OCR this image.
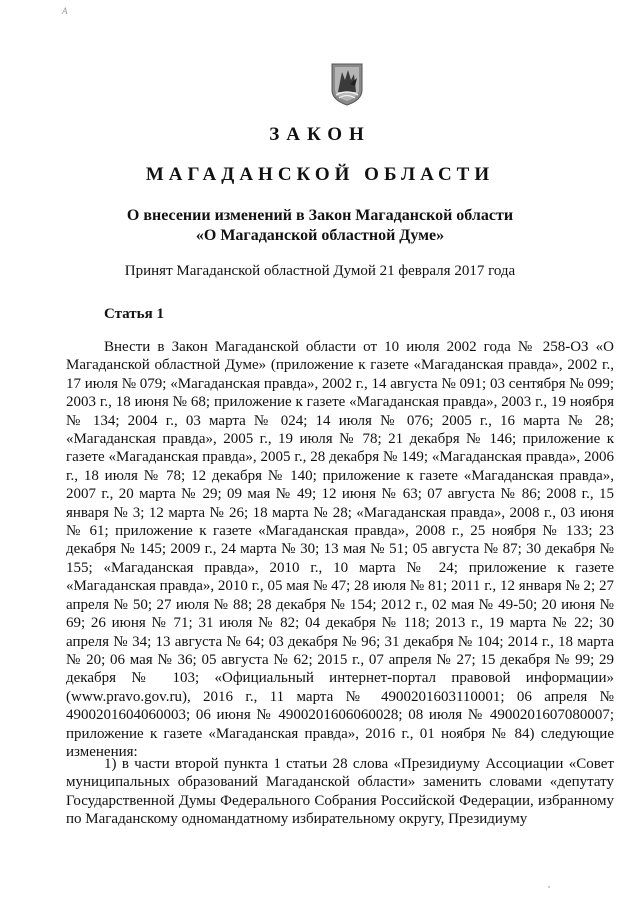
A
ЗАКОН
МАГАДАНСКОЙ ОБЛАСТИ
О внесении изменений в Закон Магаданской области
«О Магаданской областной Думе»
Принят Магаданской областной Думой 21 февраля 2017 года
Статья 1
Внести в Закон Магаданской области от 10 июля 2002 года № 258-ОЗ «О Магаданской областной Думе» (приложение к газете «Магаданская правда», 2002 г., 17 июля № 079; «Магаданская правда», 2002 г., 14 августа № 091; 03 сентября № 099; 2003 г., 18 июня № 68; приложение к газете «Магаданская правда», 2003 г., 19 ноября № 134; 2004 г., 03 марта № 024; 14 июля № 076; 2005 г., 16 марта № 28; «Магаданская правда», 2005 г., 19 июля № 78; 21 декабря № 146; приложение к газете «Магаданская правда», 2005 г., 28 декабря № 149; «Магаданская правда», 2006 г., 18 июля № 78; 12 декабря № 140; приложение к газете «Магаданская правда», 2007 г., 20 марта № 29; 09 мая № 49; 12 июня № 63; 07 августа № 86; 2008 г., 15 января № 3; 12 марта № 26; 18 марта № 28; «Магаданская правда», 2008 г., 03 июня № 61; приложение к газете «Магаданская правда», 2008 г., 25 ноября № 133; 23 декабря № 145; 2009 г., 24 марта № 30; 13 мая № 51; 05 августа № 87; 30 декабря № 155; «Магаданская правда», 2010 г., 10 марта № 24; приложение к газете «Магаданская правда», 2010 г., 05 мая № 47; 28 июля № 81; 2011 г., 12 января № 2; 27 апреля № 50; 27 июля № 88; 28 декабря № 154; 2012 г., 02 мая № 49-50; 20 июня № 69; 26 июня № 71; 31 июля № 82; 04 декабря № 118; 2013 г., 19 марта № 22; 30 апреля № 34; 13 августа № 64; 03 декабря № 96; 31 декабря № 104; 2014 г., 18 марта № 20; 06 мая № 36; 05 августа № 62; 2015 г., 07 апреля № 27; 15 декабря № 99; 29 декабря № 103; «Официальный интернет-портал правовой информации» (www.pravo.gov.ru), 2016 г., 11 марта № 4900201603110001; 06 апреля № 4900201604060003; 06 июня № 4900201606060028; 08 июля № 4900201607080007; приложение к газете «Магаданская правда», 2016 г., 01 ноября № 84) следующие изменения:
1) в части второй пункта 1 статьи 28 слова «Президиуму Ассоциации «Совет муниципальных образований Магаданской области» заменить словами «депутату Государственной Думы Федерального Собрания Российской Федерации, избранному по Магаданскому одномандатному избирательному округу, Президиуму
